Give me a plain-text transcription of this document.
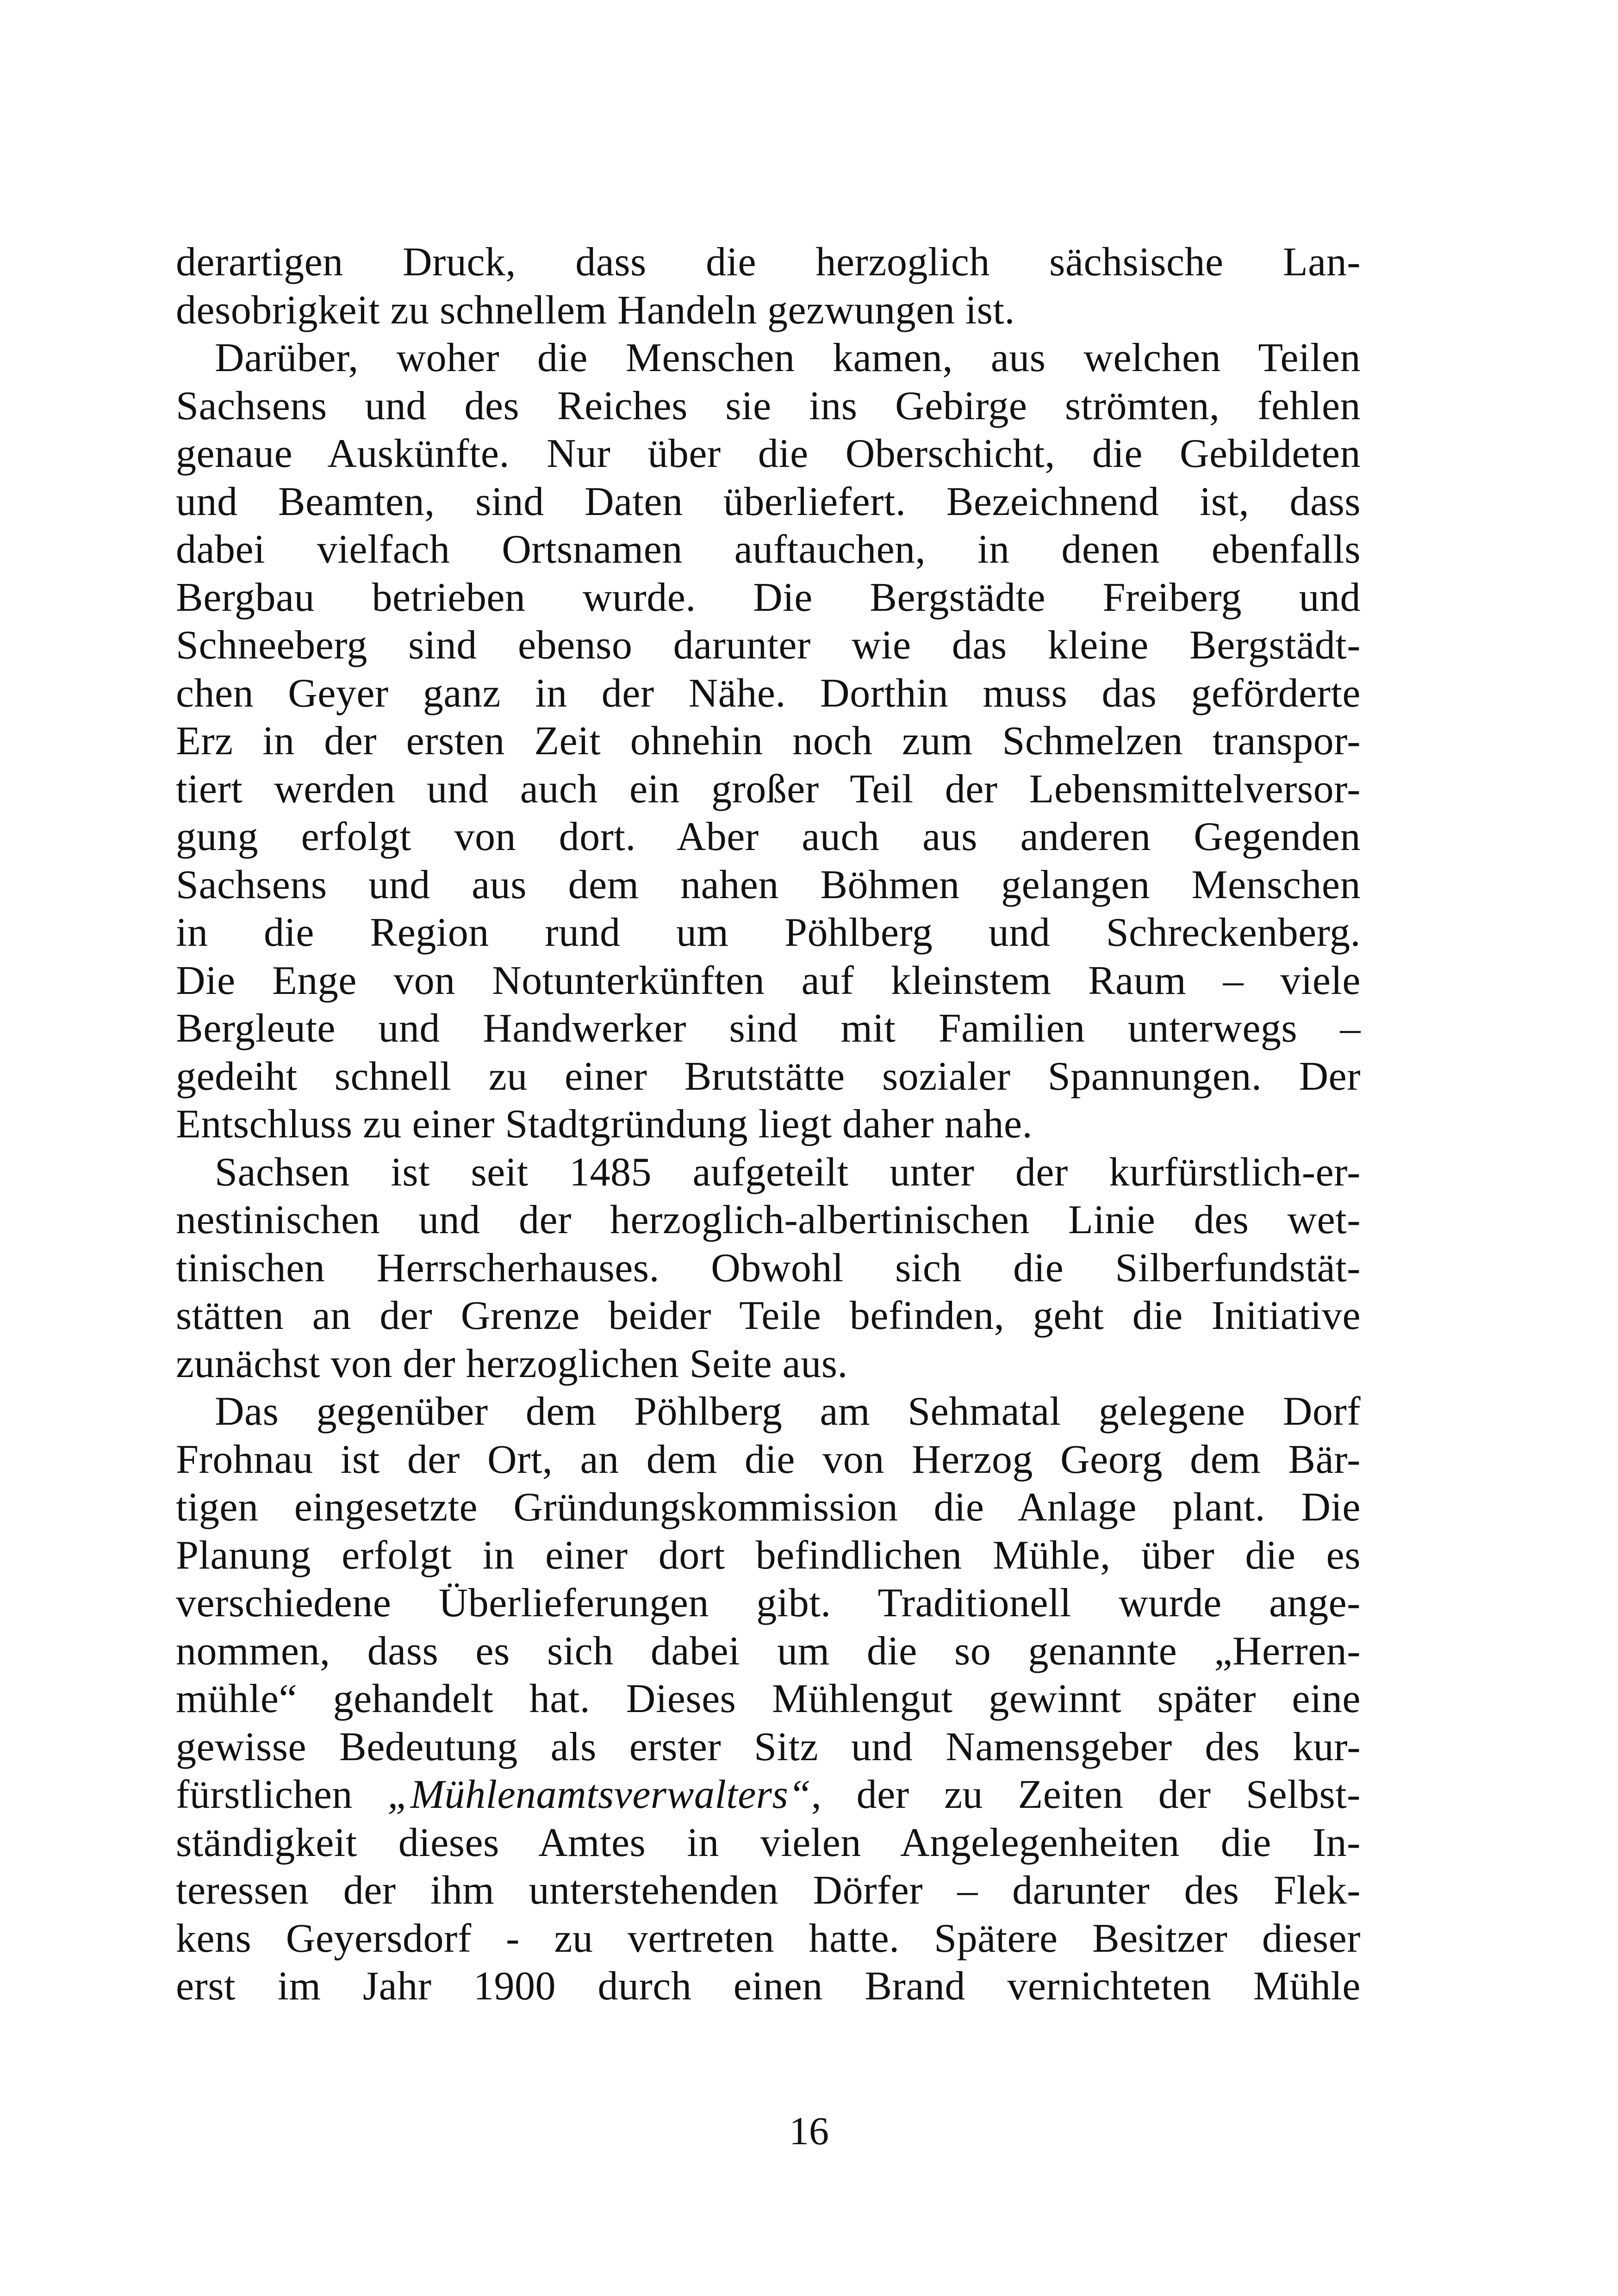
derartigen Druck, dass die herzoglich sächsische Lan-
desobrigkeit zu schnellem Handeln gezwungen ist.
Darüber, woher die Menschen kamen, aus welchen Teilen
Sachsens und des Reiches sie ins Gebirge strömten, fehlen
genaue Auskünfte. Nur über die Oberschicht, die Gebildeten
und Beamten, sind Daten überliefert. Bezeichnend ist, dass
dabei vielfach Ortsnamen auftauchen, in denen ebenfalls
Bergbau betrieben wurde. Die Bergstädte Freiberg und
Schneeberg sind ebenso darunter wie das kleine Bergstädt-
chen Geyer ganz in der Nähe. Dorthin muss das geförderte
Erz in der ersten Zeit ohnehin noch zum Schmelzen transpor-
tiert werden und auch ein großer Teil der Lebensmittelversor-
gung erfolgt von dort. Aber auch aus anderen Gegenden
Sachsens und aus dem nahen Böhmen gelangen Menschen
in die Region rund um Pöhlberg und Schreckenberg.
Die Enge von Notunterkünften auf kleinstem Raum – viele
Bergleute und Handwerker sind mit Familien unterwegs –
gedeiht schnell zu einer Brutstätte sozialer Spannungen. Der
Entschluss zu einer Stadtgründung liegt daher nahe.
Sachsen ist seit 1485 aufgeteilt unter der kurfürstlich-er-
nestinischen und der herzoglich-albertinischen Linie des wet-
tinischen Herrscherhauses. Obwohl sich die Silberfundstät-
stätten an der Grenze beider Teile befinden, geht die Initiative
zunächst von der herzoglichen Seite aus.
Das gegenüber dem Pöhlberg am Sehmatal gelegene Dorf
Frohnau ist der Ort, an dem die von Herzog Georg dem Bär-
tigen eingesetzte Gründungskommission die Anlage plant. Die
Planung erfolgt in einer dort befindlichen Mühle, über die es
verschiedene Überlieferungen gibt. Traditionell wurde ange-
nommen, dass es sich dabei um die so genannte „Herren-
mühle“ gehandelt hat. Dieses Mühlengut gewinnt später eine
gewisse Bedeutung als erster Sitz und Namensgeber des kur-
fürstlichen „Mühlenamtsverwalters“, der zu Zeiten der Selbst-
ständigkeit dieses Amtes in vielen Angelegenheiten die In-
teressen der ihm unterstehenden Dörfer – darunter des Flek-
kens Geyersdorf - zu vertreten hatte. Spätere Besitzer dieser
erst im Jahr 1900 durch einen Brand vernichteten Mühle
16
